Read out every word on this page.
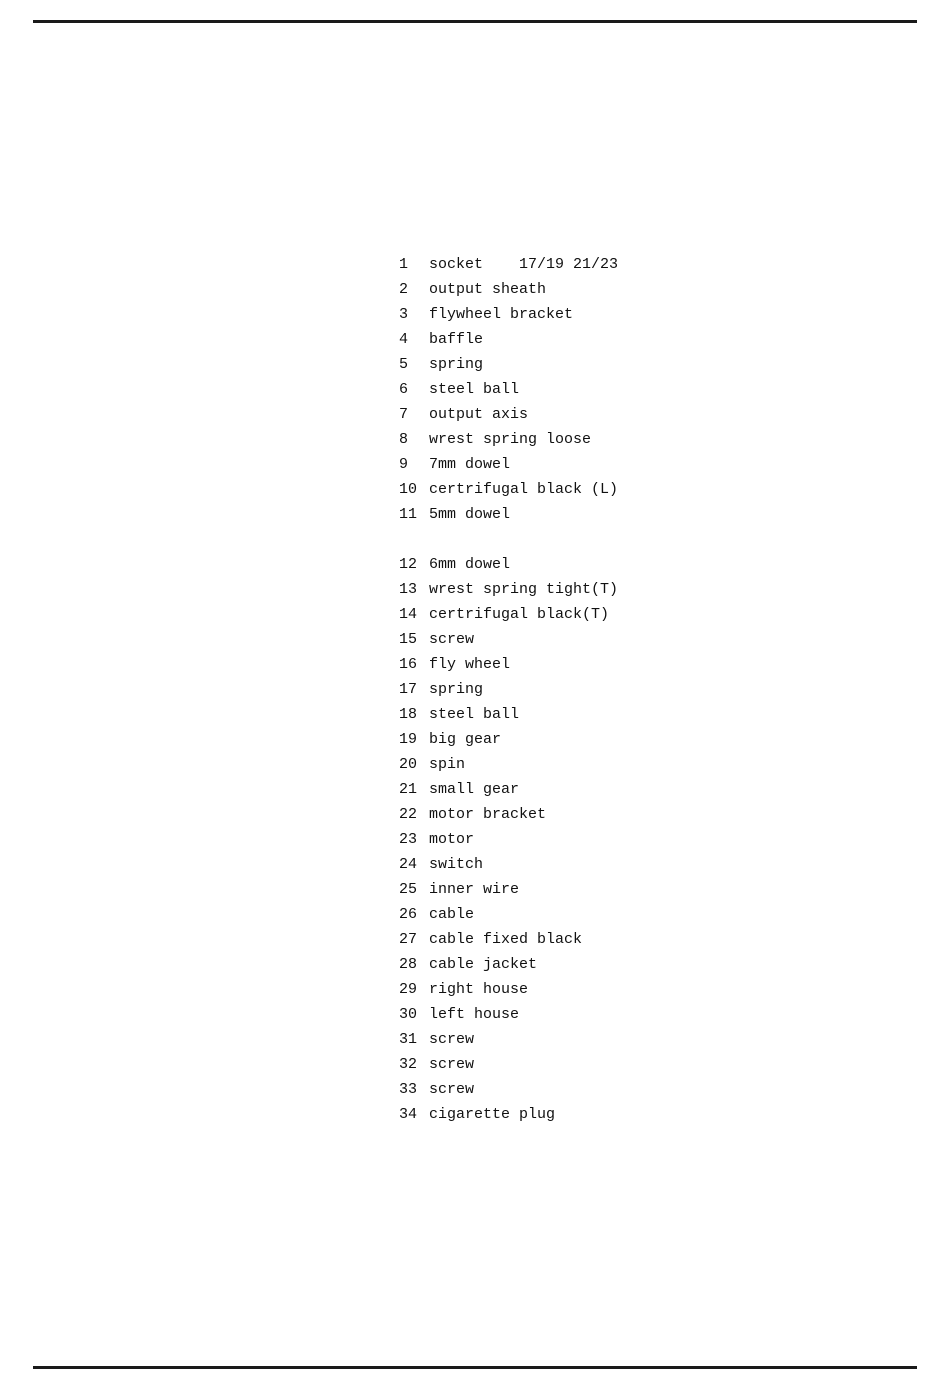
1	socket    17/19 21/23
2	output sheath
3	flywheel bracket
4	baffle
5	spring
6	steel ball
7	output axis
8	wrest spring loose
9	7mm dowel
10 certrifugal black (L)
11 5mm dowel
12 6mm dowel
13 wrest spring tight(T)
14 certrifugal black(T)
15 screw
16 fly wheel
17 spring
18 steel ball
19 big gear
20 spin
21 small gear
22 motor bracket
23 motor
24 switch
25 inner wire
26 cable
27 cable fixed black
28 cable jacket
29 right house
30 left house
31 screw
32 screw
33 screw
34 cigarette plug
